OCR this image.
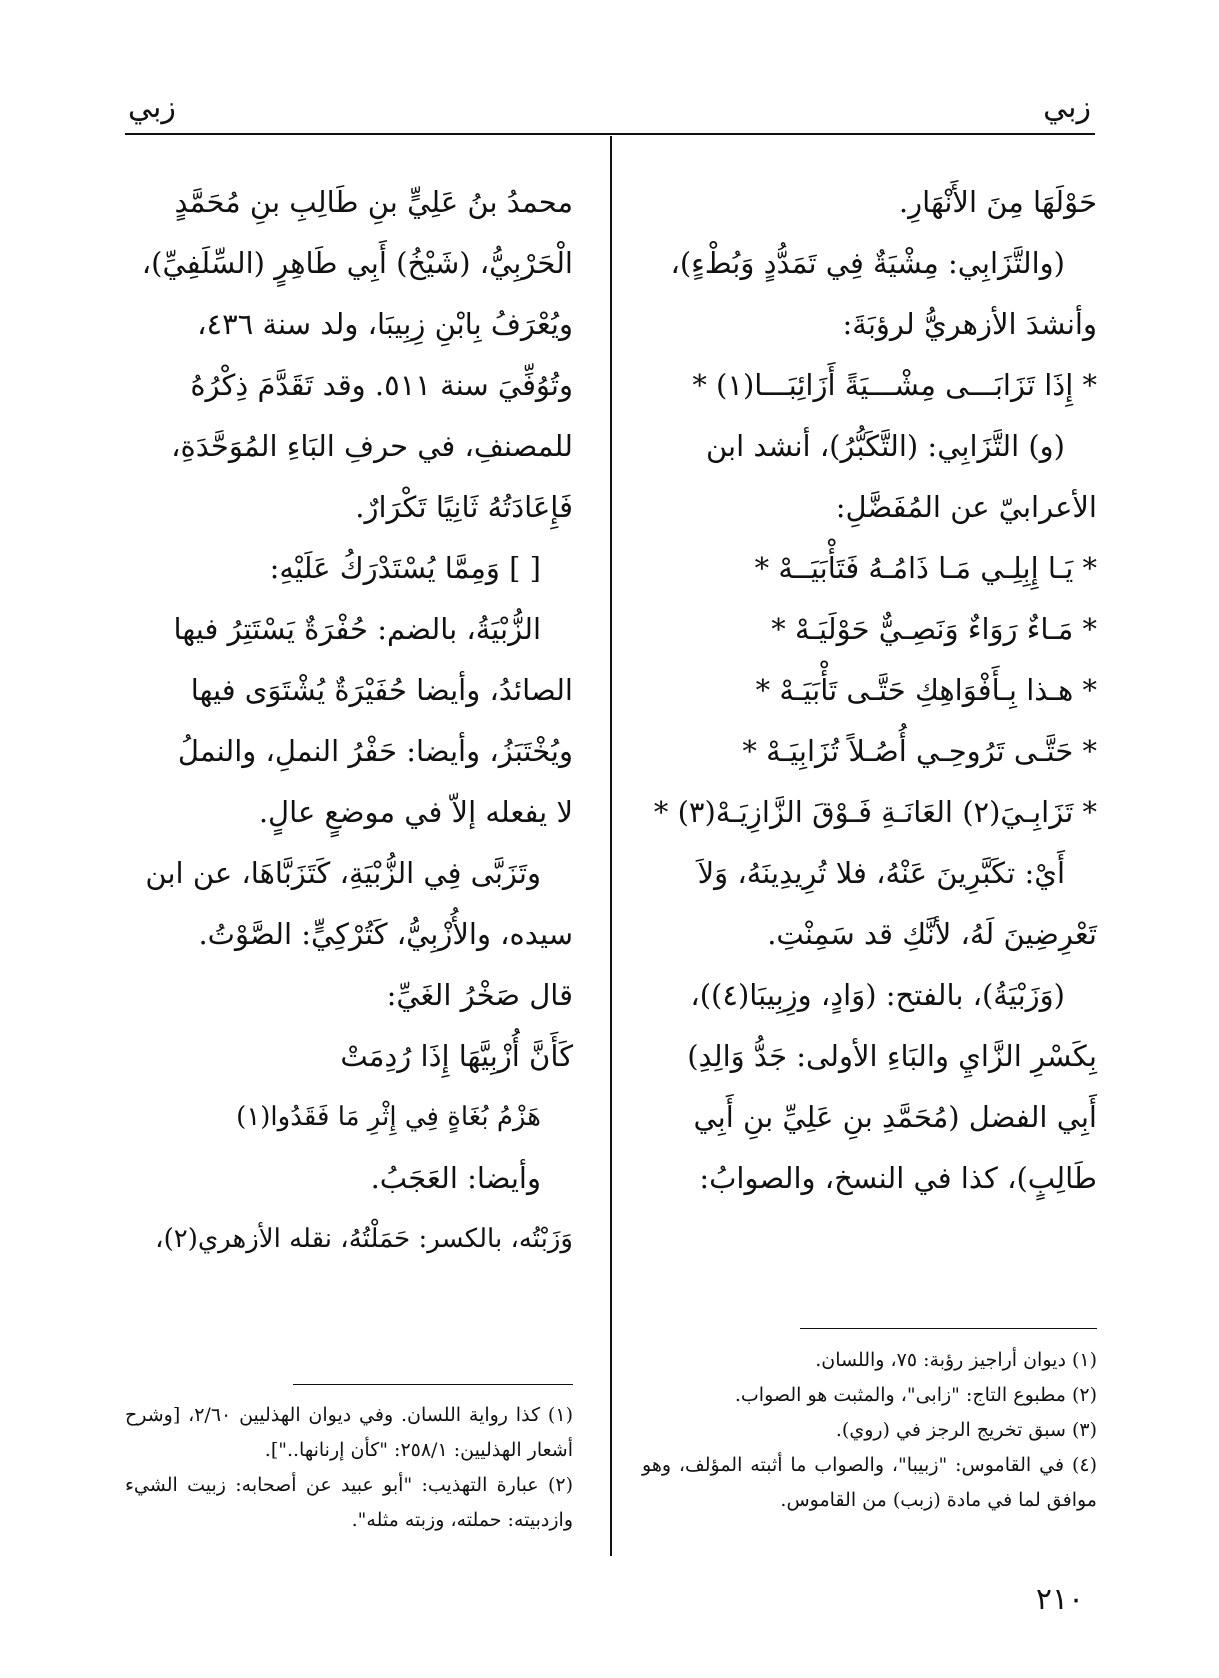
زبي
زبي

حَوْلَهَا مِنَ الأَنْهَارِ.

(والتَّزَابِي: مِشْيَةٌ فِي تَمَدُّدٍ وَبُطْءٍ)،

وأنشدَ الأزهريُّ لرؤبَةَ:

* إِذَا تَزَابَـــى مِشْـــيَةً أَزَائِبَـــا(١) *

(و) التَّزَابِي: (التَّكَبُّرُ)، أنشد ابن

الأعرابيّ عن المُفَضَّلِ:

* يَـا إِبِلِـي مَـا ذَامُـهُ فَتَأْبَيَــهْ *

* مَـاءٌ رَوَاءٌ وَنَصِـيٌّ حَوْلَيَـهْ *

* هـذا بِـأَفْوَاهِكِ حَتَّـى تَأْبَيَـهْ *

* حَتَّـى تَرُوحِـي أُصُـلاً تُزَابِيَـهْ *

* تَزَابِـيَ(٢) العَانَـةِ فَـوْقَ الزَّازِيَـهْ(٣) *

أَيْ: تكَبَّرِينَ عَنْهُ، فلا تُرِيدِينَهُ، وَلاَ

تَعْرِضِينَ لَهُ، لأنَّكِ قد سَمِنْتِ.

(وَزَبْيَةُ)، بالفتح: (وَادٍ، وزِبِيبَا(٤))،

بِكَسْرِ الزَّايِ والبَاءِ الأولى: جَدُّ وَالِدِ)

أَبِي الفضل (مُحَمَّدِ بنِ عَلِيِّ بنِ أَبِي

طَالِبٍ)، كذا في النسخ، والصوابُ:

(١) ديوان أراجيز رؤبة: ٧٥، واللسان.
(٢) مطبوع التاج: "زابى"، والمثبت هو الصواب.
(٣) سبق تخريج الرجز في (روي).
(٤) في القاموس: "زبيبا"، والصواب ما أثبته المؤلف، وهو موافق لما في مادة (زبب) من القاموس.

محمدُ بنُ عَلِيٍّ بنِ طَالِبِ بنِ مُحَمَّدٍ

الْحَرْبِيُّ، (شَيْخُ) أَبِي طَاهِرٍ (السِّلَفِيِّ)،

ويُعْرَفُ بِابْنِ زِبِيبَا، ولد سنة ٤٣٦،

وتُوُفِّيَ سنة ٥١١. وقد تَقَدَّمَ ذِكْرُهُ

للمصنفِ، في حرفِ البَاءِ المُوَحَّدَةِ،

فَإِعَادَتُهُ ثَانِيًا تَكْرَارٌ.

[ ] وَمِمَّا يُسْتَدْرَكُ عَلَيْهِ:

الزُّبْيَةُ، بالضم: حُفْرَةٌ يَسْتَتِرُ فيها

الصائدُ، وأيضا حُفَيْرَةٌ يُشْتَوَى فيها

ويُخْتَبَزُ، وأيضا: حَفْرُ النملِ، والنملُ

لا يفعله إلاّ في موضعٍ عالٍ.

وتَزَبَّى فِي الزُّبْيَةِ، كَتَزَبَّاهَا، عن ابن

سيده، والأُزْبِيُّ، كَتُرْكِيٍّ: الصَّوْتُ.

قال صَخْرُ الغَيِّ:

كَأَنَّ أُزْبِيَّهَا إِذَا رُدِمَتْ

هَزْمُ بُغَاةٍ فِي إِثْرِ مَا فَقَدُوا(١)

وأيضا: العَجَبُ.

وَزَبْتُه، بالكسر: حَمَلْتُهُ، نقله الأزهري(٢)،

(١) كذا رواية اللسان. وفي ديوان الهذليين ٢/٦٠، [وشرح أشعار الهذليين: ٢٥٨/١: "كأن إرنانها.."].
(٢) عبارة التهذيب: "أبو عبيد عن أصحابه: زبيت الشيء وازدبيته: حملته، وزبته مثله".
٢١٠
